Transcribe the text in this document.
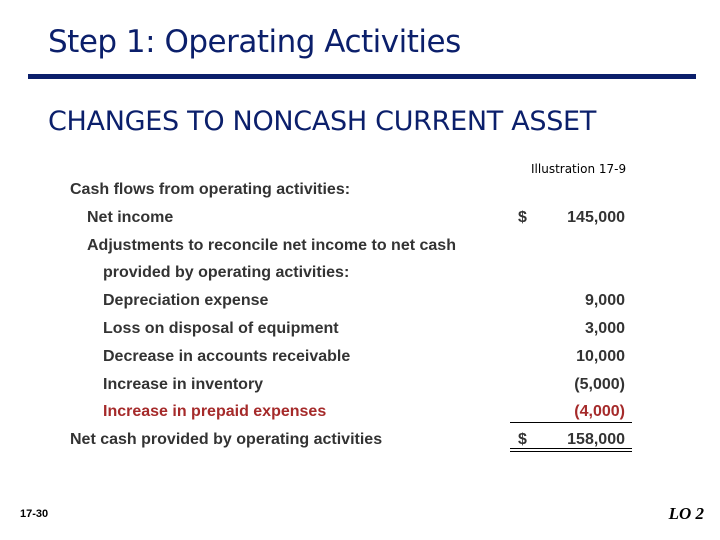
Step 1: Operating Activities
CHANGES TO NONCASH CURRENT ASSET
Illustration 17-9
Cash flows from operating activities:
Net income	$	145,000
Adjustments to reconcile net income to net cash
provided by operating activities:
Depreciation expense	9,000
Loss on disposal of equipment	3,000
Decrease in accounts receivable	10,000
Increase in inventory	(5,000)
Increase in prepaid expenses	(4,000)
Net cash provided by operating activities	$	158,000
17-30	LO 2
